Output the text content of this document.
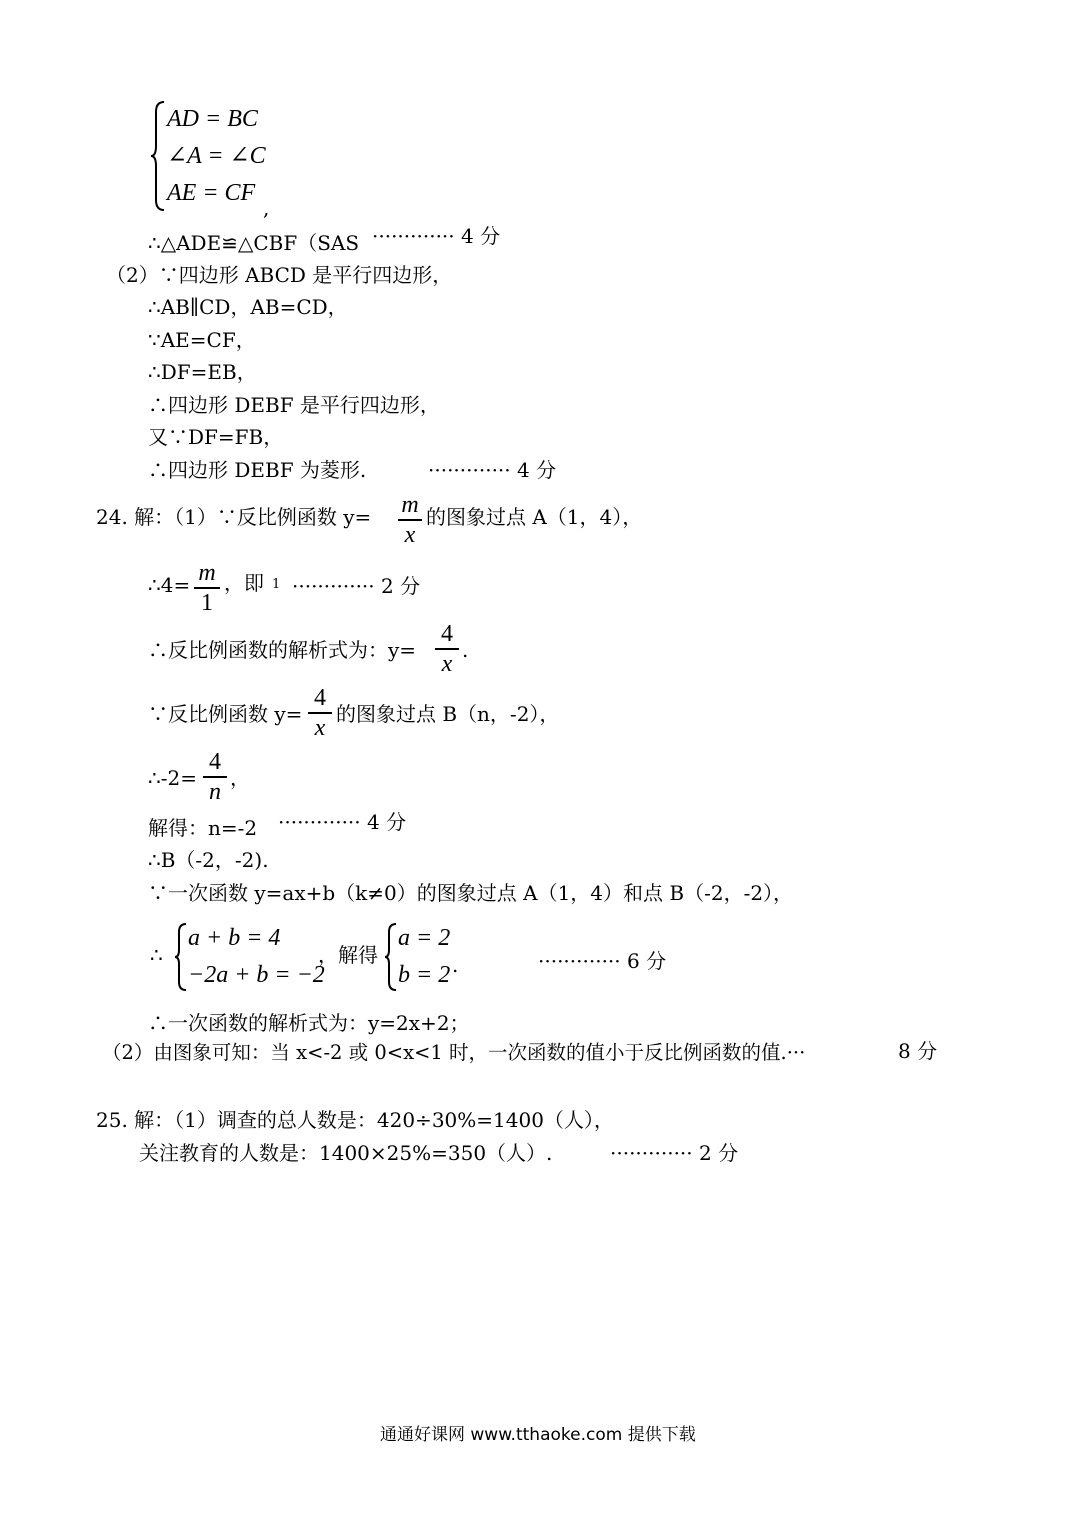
AD = BC
∠A = ∠C
AE = CF
,
∴△ADE≌△CBF（SAS ············· 4 分
（2）∵四边形 ABCD 是平行四边形，
∴AB∥CD，AB=CD，
∵AE=CF，
∴DF=EB，
∴四边形 DEBF 是平行四边形，
又∵DF=FB，
∴四边形 DEBF 为菱形.	············· 4 分
24. 解：（1）∵反比例函数 y= m
x
的图象过点 A（1，4），
∴4= m
1
，即 1 ············· 2 分
∴反比例函数的解析式为：y=
4
x
.
∵反比例函数 y=
4
x
的图象过点 B（n，-2），
∴-2=
4
n
，
解得：n=-2 ············· 4 分
∴B（-2，-2).
∵一次函数 y=ax+b（k≠0）的图象过点 A（1，4）和点 B（-2，-2），
∴
a + b = 4
−2a + b = −2
，解得
a = 2
b = 2 .	············· 6 分
∴一次函数的解析式为：y=2x+2；
（2）由图象可知：当 x<-2 或 0<x<1 时，一次函数的值小于反比例函数的值.···	8 分
25. 解：（1）调查的总人数是：420÷30%=1400（人），
关注教育的人数是：1400×25%=350（人）.	············· 2 分
通通好课网 www.tthaoke.com 提供下载
